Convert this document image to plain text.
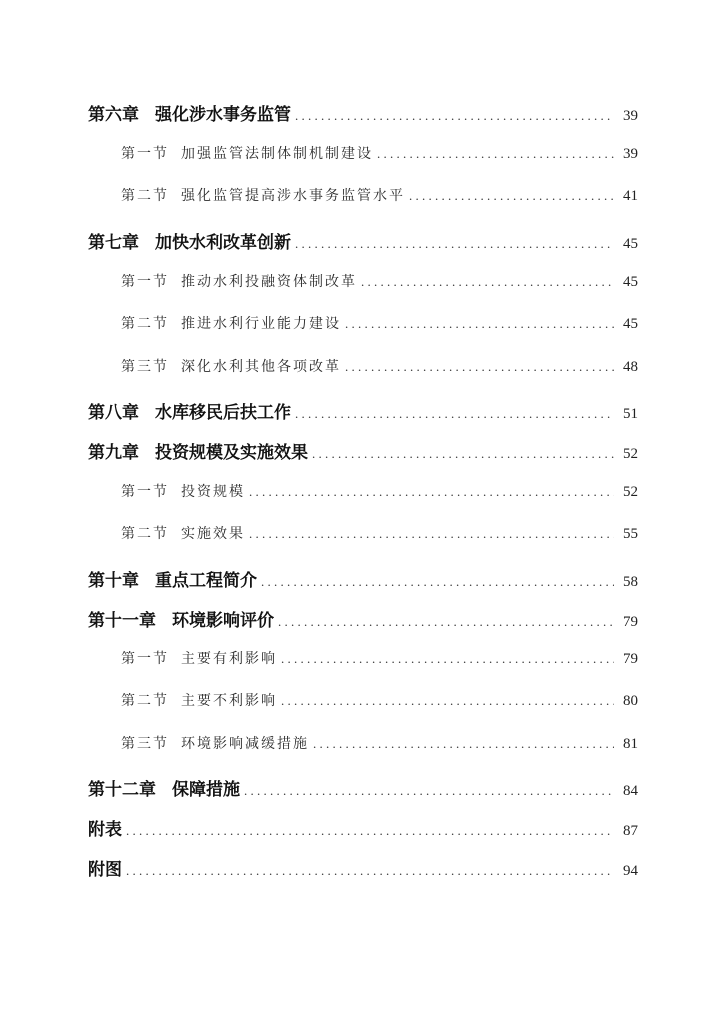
第六章 强化涉水事务监管 . . .	39
第一节 加强监管法制体制机制建设 . . .	39
第二节 强化监管提高涉水事务监管水平 . . .	41
第七章 加快水利改革创新 . . .	45
第一节 推动水利投融资体制改革 . . .	45
第二节 推进水利行业能力建设 . . .	45
第三节 深化水利其他各项改革 . . .	48
第八章 水库移民后扶工作 . . .	51
第九章 投资规模及实施效果 . . .	52
第一节 投资规模 . . .	52
第二节 实施效果 . . .	55
第十章 重点工程简介 . . .	58
第十一章 环境影响评价 . . .	79
第一节 主要有利影响 . . .	79
第二节 主要不利影响 . . .	80
第三节 环境影响减缓措施 . . .	81
第十二章 保障措施 . . .	84
附表 . . .	87
附图 . . .	94
